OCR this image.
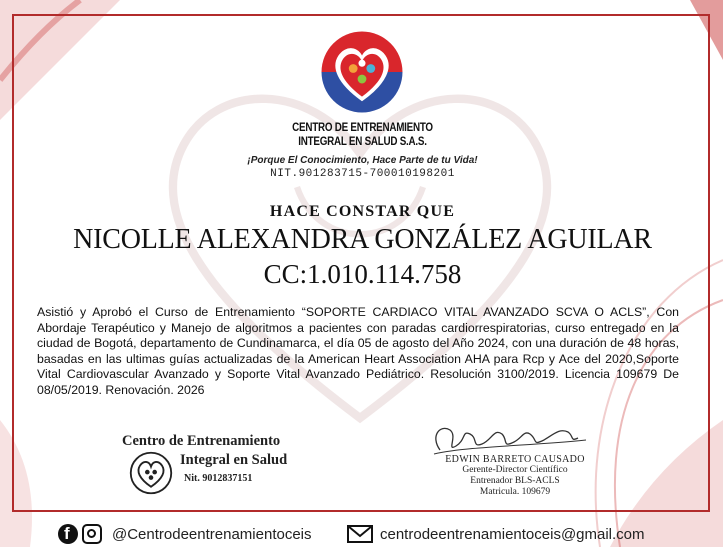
CENTRO DE ENTRENAMIENTO
INTEGRAL EN SALUD S.A.S.
¡Porque El Conocimiento, Hace Parte de tu Vida!
NIT.901283715-700010198201
HACE CONSTAR QUE
NICOLLE ALEXANDRA GONZÁLEZ AGUILAR
CC:1.010.114.758

Asistió y Aprobó el Curso de Entrenamiento “SOPORTE CARDIACO VITAL AVANZADO SCVA O ACLS”, Con Abordaje Terapéutico y Manejo de algoritmos a pacientes con paradas cardiorrespiratorias, curso entregado en la ciudad de Bogotá, departamento de Cundinamarca, el día 05 de agosto del Año 2024, con una duración de 48 horas, basadas en las ultimas guías actualizadas de la American Heart Association AHA para Rcp y Ace del 2020,Soporte Vital Cardiovascular Avanzado y Soporte Vital Avanzado Pediátrico. Resolución 3100/2019. Licencia 109679 De 08/05/2019. Renovación. 2026

Centro de Entrenamiento
Integral en Salud
Nit. 9012837151
EDWIN BARRETO CAUSADO
Gerente-Director Científico
Entrenador BLS-ACLS
Matricula. 109679
f	@Centrodeentrenamientoceis	centrodeentrenamientoceis@gmail.com
